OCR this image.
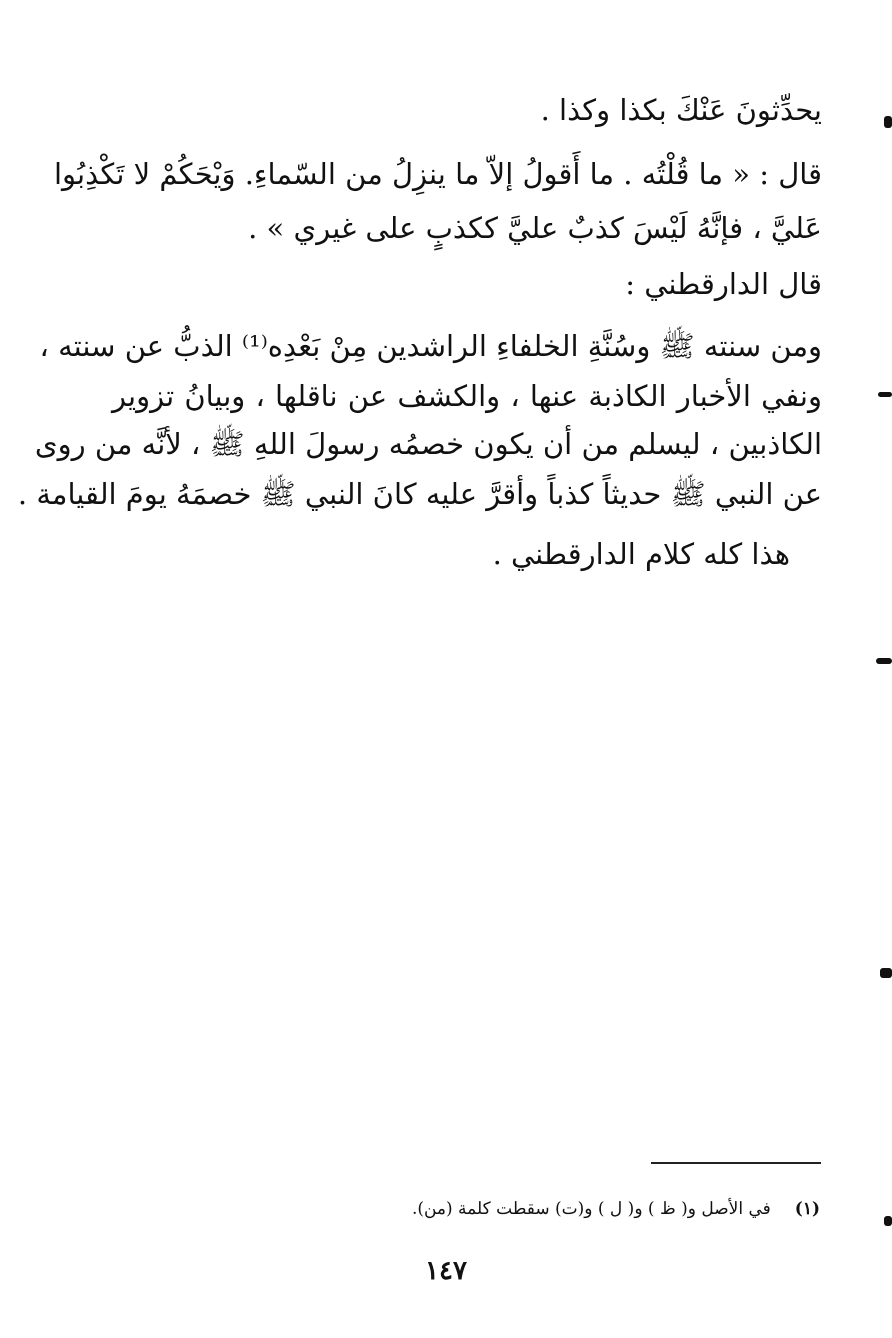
يحدِّثونَ عَنْكَ بكذا وكذا .
قال : « ما قُلْتُه . ما أَقولُ إلاّ ما ينزِلُ من السّماءِ. وَيْحَكُمْ لا تَكْذِبُوا
عَليَّ ، فإنَّهُ لَيْسَ كذبٌ عليَّ ككذبٍ على غيري » .
قال الدارقطني :
ومن سنته ﷺ وسُنَّةِ الخلفاءِ الراشدين مِنْ بَعْدِه⁽¹⁾ الذبُّ عن سنته ،
ونفي الأخبار الكاذبة عنها ، والكشف عن ناقلها ، وبيانُ تزوير
الكاذبين ، ليسلم من أن يكون خصمُه رسولَ اللهِ ﷺ ، لأنَّه من روى
عن النبي ﷺ حديثاً كذباً وأقرَّ عليه كانَ النبي ﷺ خصمَهُ يومَ القيامة .
هذا كله كلام الدارقطني .
(١)في الأصل و( ظ ) و( ل ) و(ت) سقطت كلمة (من).
١٤٧
